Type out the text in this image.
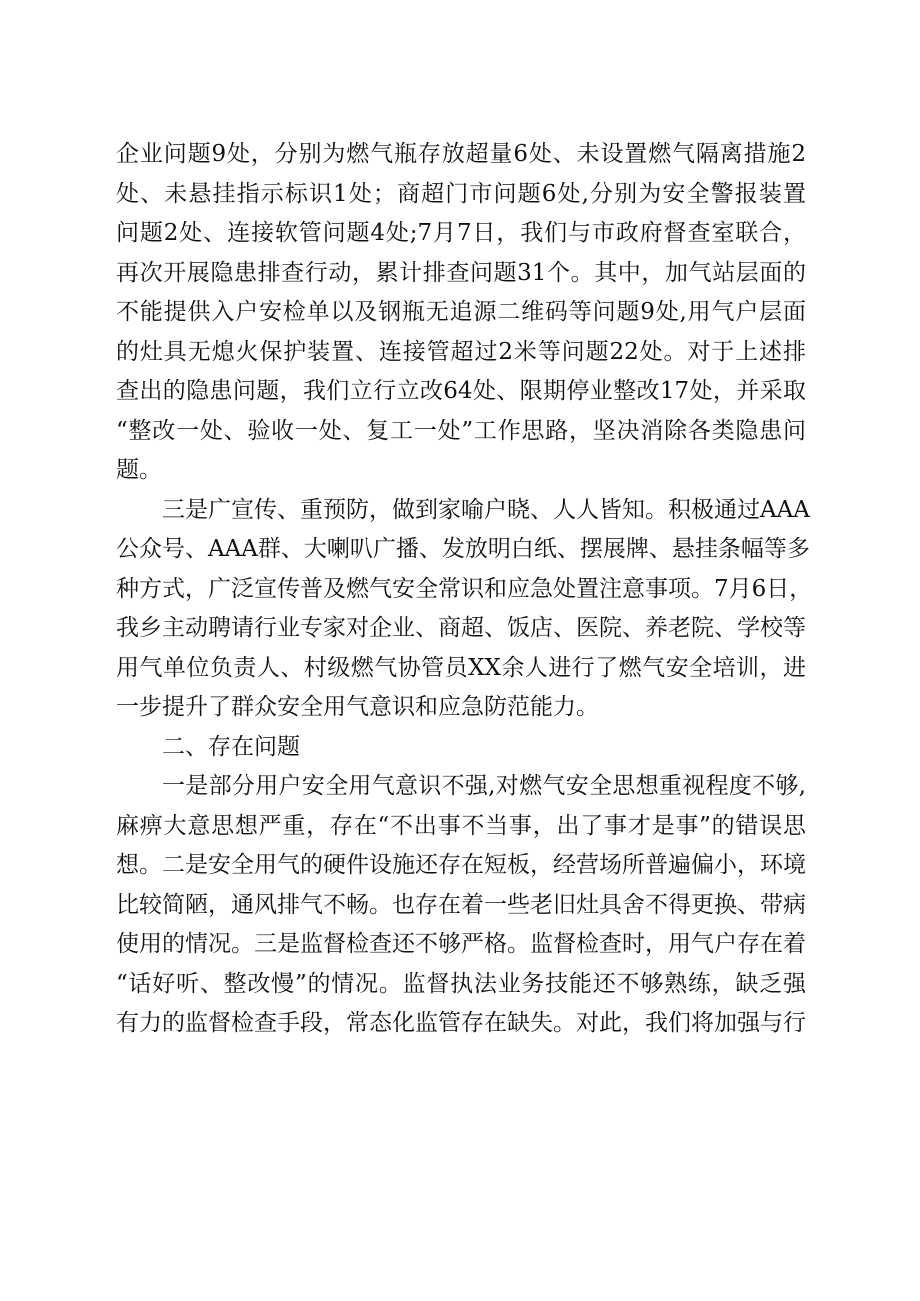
企业问题9处，分别为燃气瓶存放超量6处、未设置燃气隔离措施2
处、未悬挂指示标识1处；商超门市问题6处,分别为安全警报装置
问题2处、连接软管问题4处;7月7日，我们与市政府督查室联合，
再次开展隐患排查行动，累计排查问题31个。其中，加气站层面的
不能提供入户安检单以及钢瓶无追源二维码等问题9处,用气户层面
的灶具无熄火保护装置、连接管超过2米等问题22处。对于上述排
查出的隐患问题，我们立行立改64处、限期停业整改17处，并采取
“整改一处、验收一处、复工一处”工作思路，坚决消除各类隐患问
题。
三是广宣传、重预防，做到家喻户晓、人人皆知。积极通过AAA
公众号、AAA群、大喇叭广播、发放明白纸、摆展牌、悬挂条幅等多
种方式，广泛宣传普及燃气安全常识和应急处置注意事项。7月6日，
我乡主动聘请行业专家对企业、商超、饭店、医院、养老院、学校等
用气单位负责人、村级燃气协管员XX余人进行了燃气安全培训，进
一步提升了群众安全用气意识和应急防范能力。
二、存在问题
一是部分用户安全用气意识不强,对燃气安全思想重视程度不够,
麻痹大意思想严重，存在“不出事不当事，出了事才是事”的错误思
想。二是安全用气的硬件设施还存在短板，经营场所普遍偏小，环境
比较简陋，通风排气不畅。也存在着一些老旧灶具舍不得更换、带病
使用的情况。三是监督检查还不够严格。监督检查时，用气户存在着
“话好听、整改慢”的情况。监督执法业务技能还不够熟练，缺乏强
有力的监督检查手段，常态化监管存在缺失。对此，我们将加强与行
